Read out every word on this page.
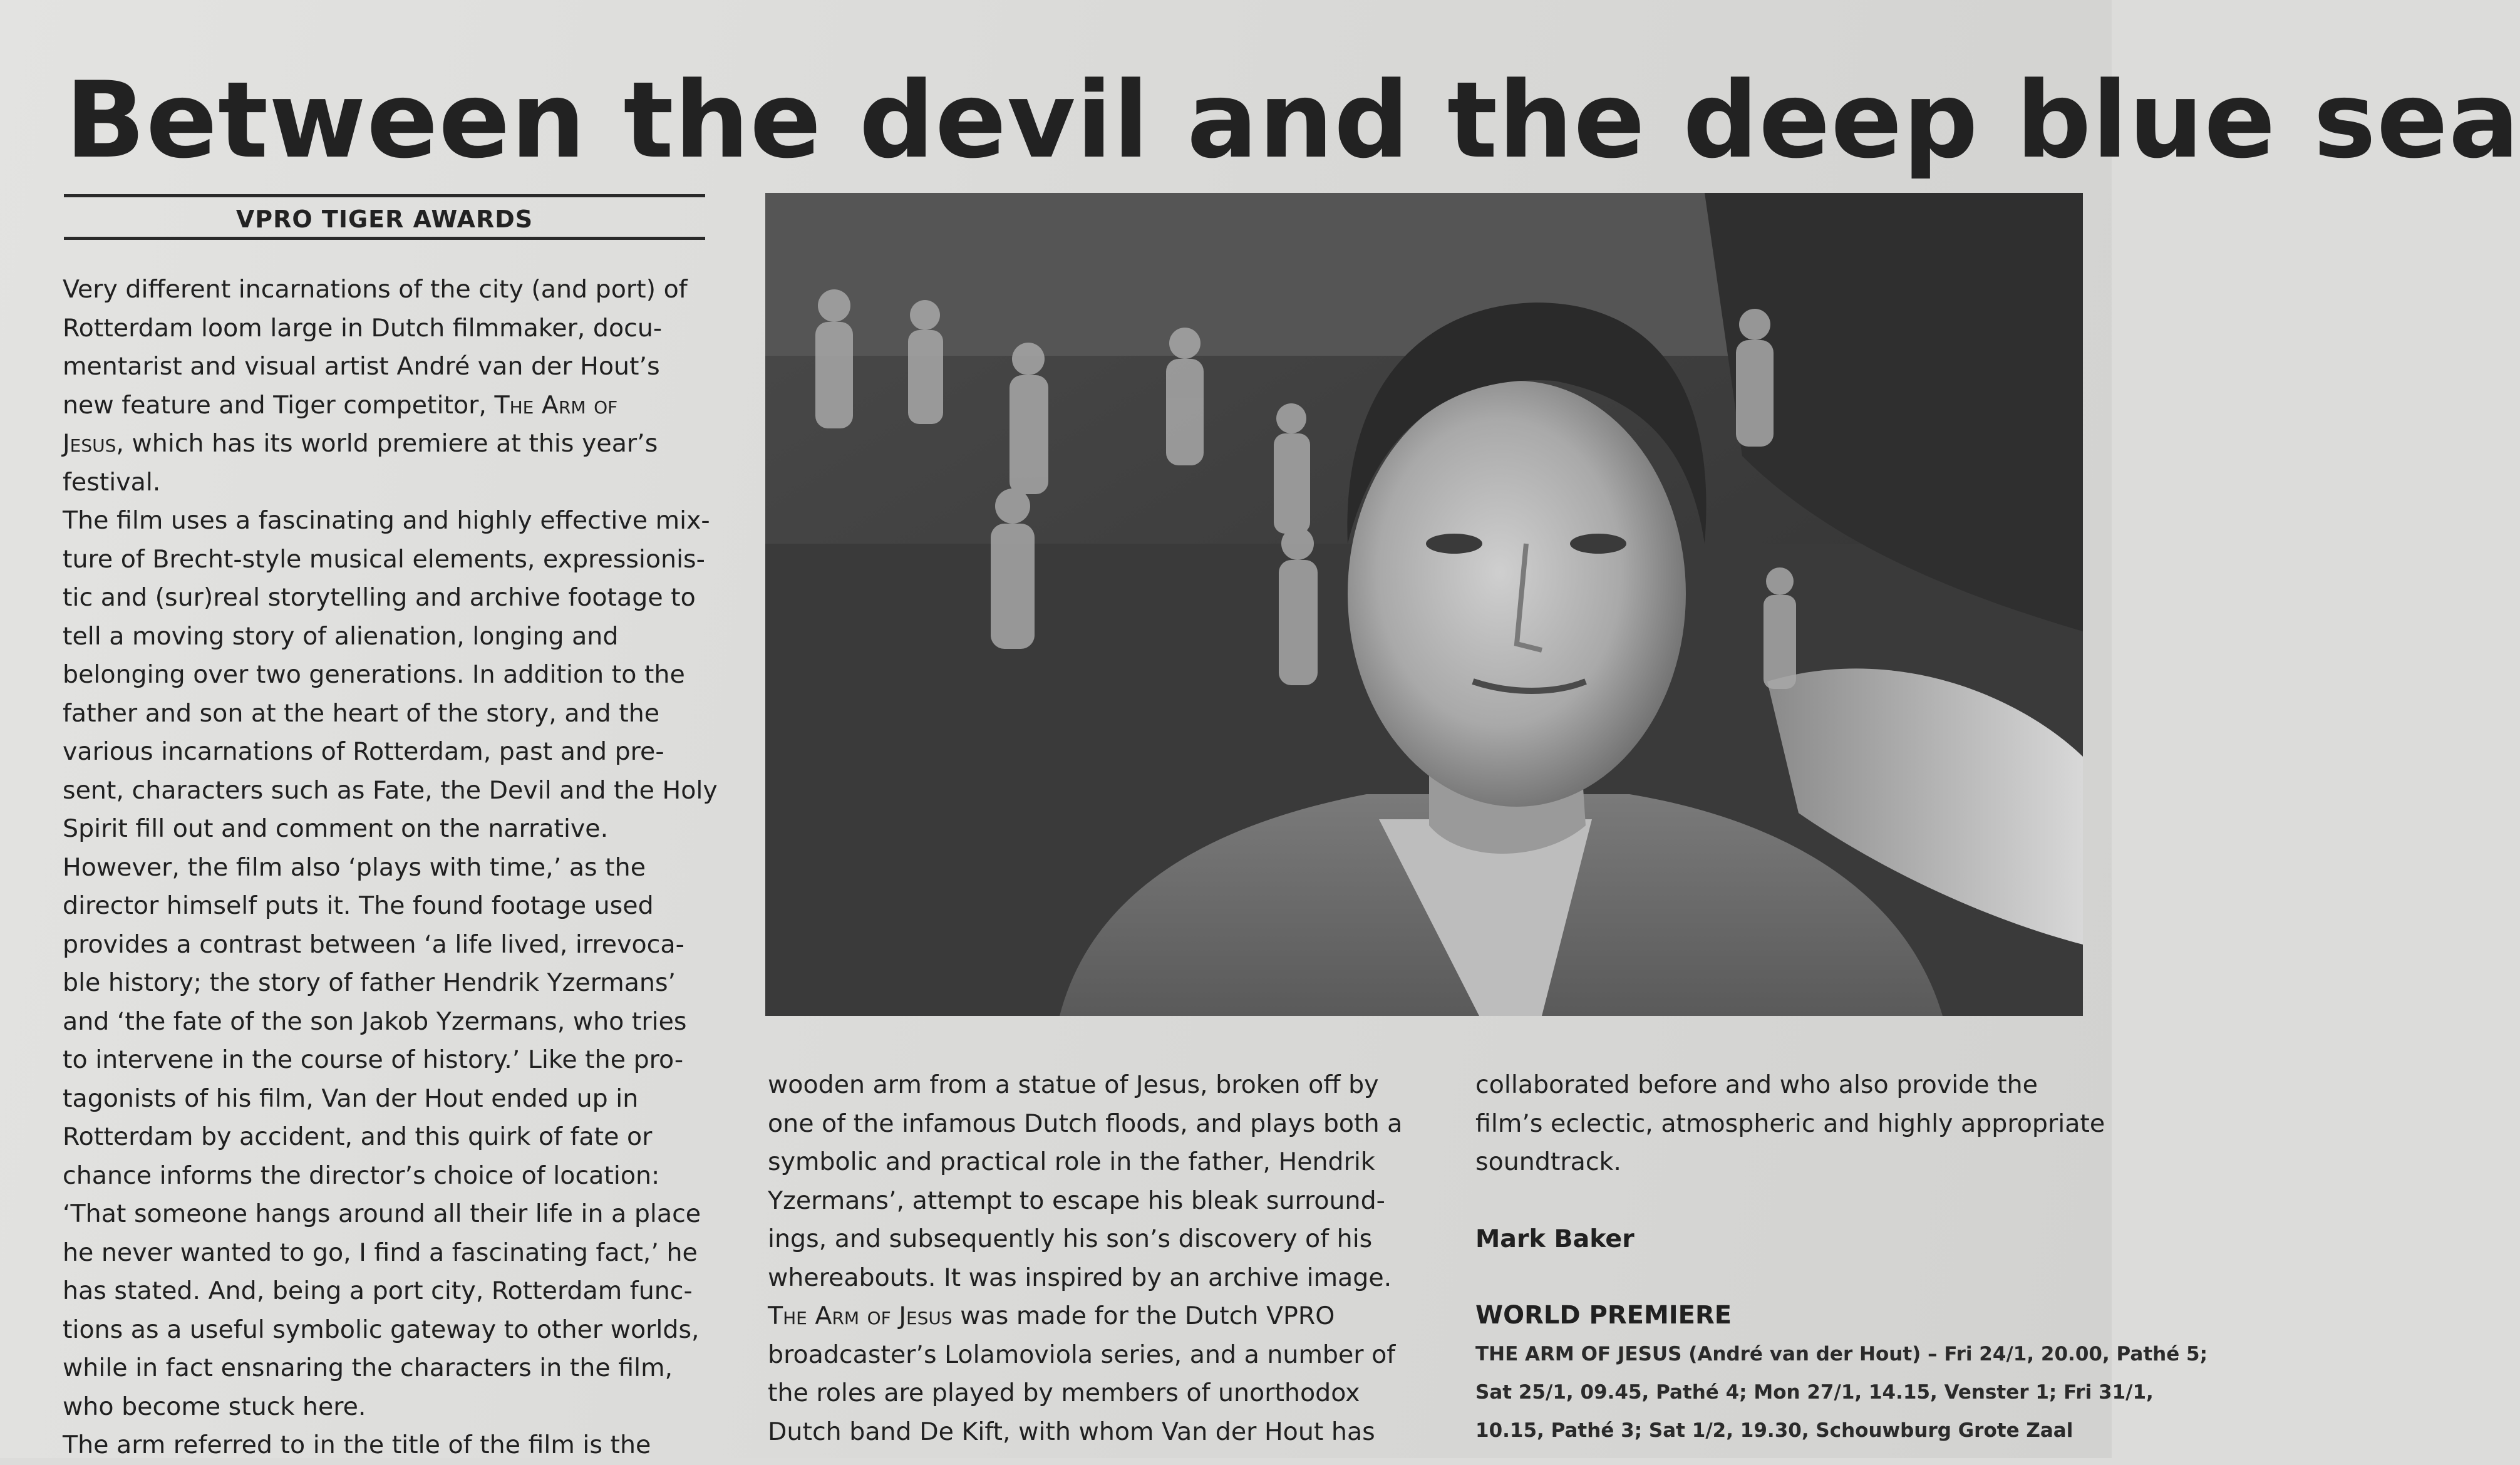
Between the devil and the deep blue sea
VPRO TIGER AWARDS
Very different incarnations of the city (and port) of
Rotterdam loom large in Dutch filmmaker, docu-
mentarist and visual artist André van der Hout’s
new feature and Tiger competitor, The Arm of
Jesus, which has its world premiere at this year’s
festival.
The film uses a fascinating and highly effective mix-
ture of Brecht-style musical elements, expressionis-
tic and (sur)real storytelling and archive footage to
tell a moving story of alienation, longing and
belonging over two generations. In addition to the
father and son at the heart of the story, and the
various incarnations of Rotterdam, past and pre-
sent, characters such as Fate, the Devil and the Holy
Spirit fill out and comment on the narrative.
However, the film also ‘plays with time,’ as the
director himself puts it. The found footage used
provides a contrast between ‘a life lived, irrevoca-
ble history; the story of father Hendrik Yzermans’
and ‘the fate of the son Jakob Yzermans, who tries
to intervene in the course of history.’ Like the pro-
tagonists of his film, Van der Hout ended up in
Rotterdam by accident, and this quirk of fate or
chance informs the director’s choice of location:
‘That someone hangs around all their life in a place
he never wanted to go, I find a fascinating fact,’ he
has stated. And, being a port city, Rotterdam func-
tions as a useful symbolic gateway to other worlds,
while in fact ensnaring the characters in the film,
who become stuck here.
The arm referred to in the title of the film is the
wooden arm from a statue of Jesus, broken off by
one of the infamous Dutch floods, and plays both a
symbolic and practical role in the father, Hendrik
Yzermans’, attempt to escape his bleak surround-
ings, and subsequently his son’s discovery of his
whereabouts. It was inspired by an archive image.
The Arm of Jesus was made for the Dutch VPRO
broadcaster’s Lolamoviola series, and a number of
the roles are played by members of unorthodox
Dutch band De Kift, with whom Van der Hout has
collaborated before and who also provide the
film’s eclectic, atmospheric and highly appropriate
soundtrack.
Mark Baker
WORLD PREMIERE
THE ARM OF JESUS (André van der Hout) – Fri 24/1, 20.00, Pathé 5;
Sat 25/1, 09.45, Pathé 4; Mon 27/1, 14.15, Venster 1; Fri 31/1,
10.15, Pathé 3; Sat 1/2, 19.30, Schouwburg Grote Zaal
